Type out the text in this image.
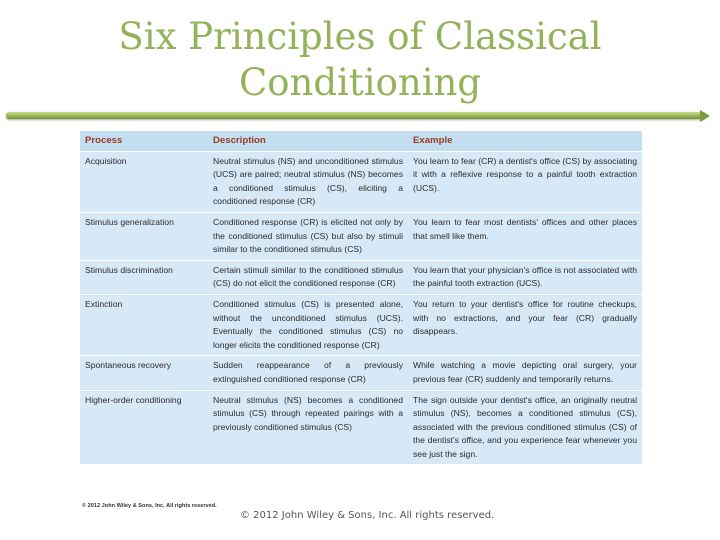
Six Principles of Classical
Conditioning
Process	Description	Example
Acquisition	Neutral stimulus (NS) and unconditioned stimulus (UCS) are paired; neutral stimulus (NS) becomes a conditioned stimulus (CS), eliciting a conditioned response (CR)	You learn to fear (CR) a dentist's office (CS) by associating it with a reflexive response to a painful tooth extraction (UCS).
Stimulus generalization	Conditioned response (CR) is elicited not only by the conditioned stimulus (CS) but also by stimuli similar to the conditioned stimulus (CS)	You learn to fear most dentists' offices and other places that smell like them.
Stimulus discrimination	Certain stimuli similar to the conditioned stimulus (CS) do not elicit the conditioned response (CR)	You learn that your physician's office is not associated with the painful tooth extraction (UCS).
Extinction	Conditioned stimulus (CS) is presented alone, without the unconditioned stimulus (UCS). Eventually the conditioned stimulus (CS) no longer elicits the conditioned response (CR)	You return to your dentist's office for routine checkups, with no extractions, and your fear (CR) gradually disappears.
Spontaneous recovery	Sudden reappearance of a previously extinguished conditioned response (CR)	While watching a movie depicting oral surgery, your previous fear (CR) suddenly and temporarily returns.
Higher-order conditioning	Neutral stimulus (NS) becomes a conditioned stimulus (CS) through repeated pairings with a previously conditioned stimulus (CS)	The sign outside your dentist's office, an originally neutral stimulus (NS), becomes a conditioned stimulus (CS), associated with the previous conditioned stimulus (CS) of the dentist's office, and you experience fear whenever you see just the sign.
© 2012 John Wiley & Sons, Inc. All rights reserved.
© 2012 John Wiley & Sons, Inc. All rights reserved.
